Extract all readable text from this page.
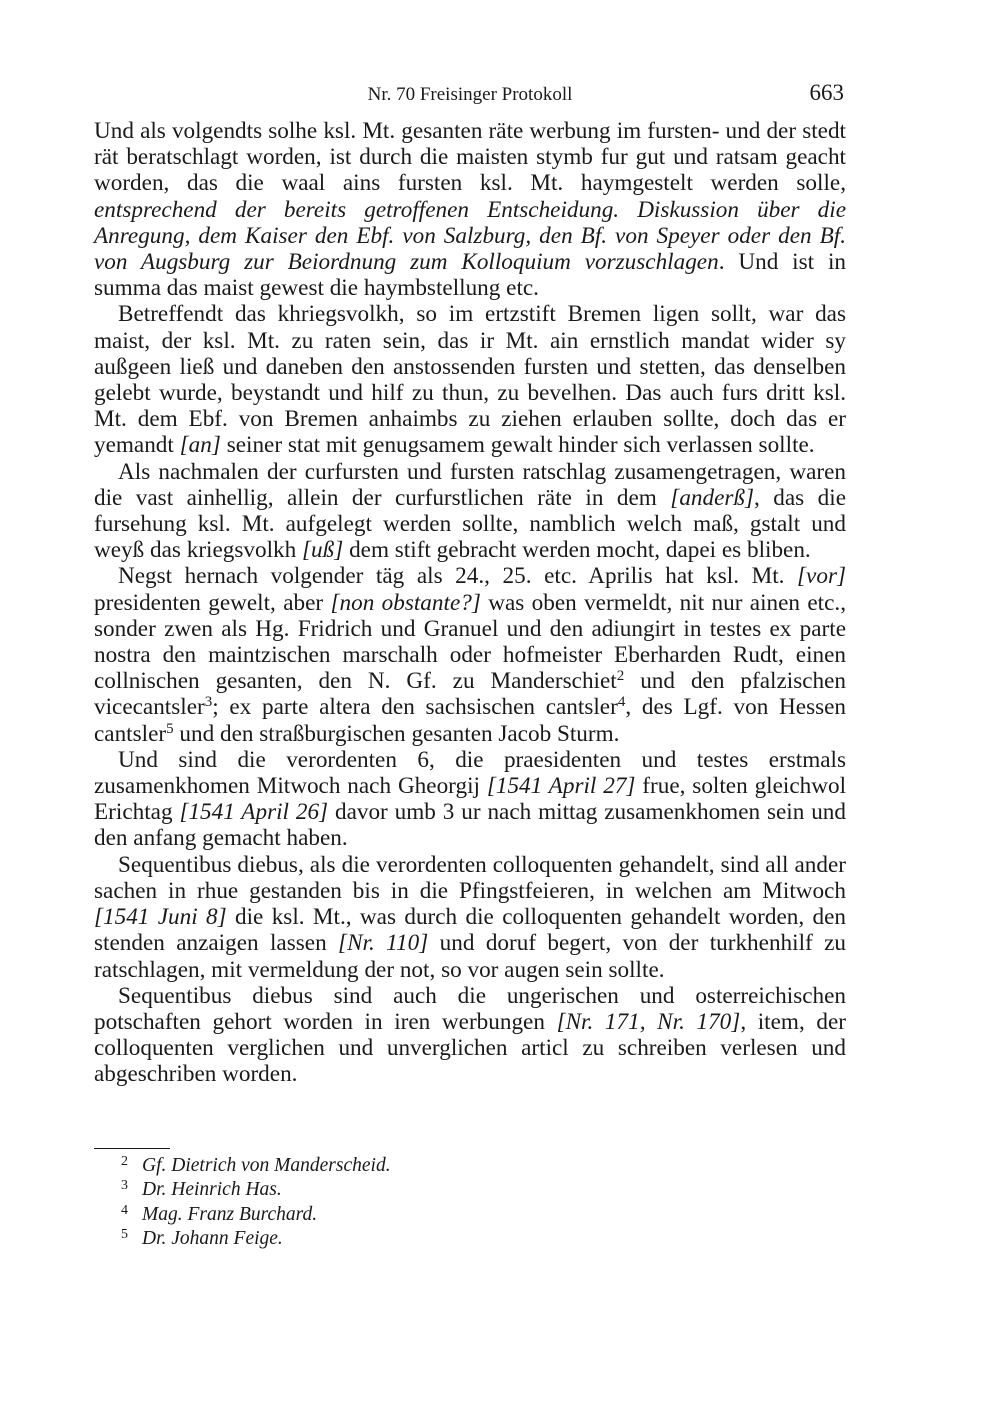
Nr. 70 Freisinger Protokoll	663

Und als volgendts solhe ksl. Mt. gesanten räte werbung im fursten- und der stedt rät beratschlagt worden, ist durch die maisten stymb fur gut und ratsam geacht worden, das die waal ains fursten ksl. Mt. haymgestelt werden solle, entsprechend der bereits getroffenen Entscheidung. Diskussion über die Anregung, dem Kaiser den Ebf. von Salzburg, den Bf. von Speyer oder den Bf. von Augsburg zur Beiordnung zum Kolloquium vorzuschlagen. Und ist in summa das maist gewest die haymbstellung etc.

Betreffendt das khriegsvolkh, so im ertzstift Bremen ligen sollt, war das maist, der ksl. Mt. zu raten sein, das ir Mt. ain ernstlich mandat wider sy außgeen ließ und daneben den anstossenden fursten und stetten, das denselben gelebt wurde, beystandt und hilf zu thun, zu bevelhen. Das auch furs dritt ksl. Mt. dem Ebf. von Bremen anhaimbs zu ziehen erlauben sollte, doch das er yemandt [an] seiner stat mit genugsamem gewalt hinder sich verlassen sollte.

Als nachmalen der curfursten und fursten ratschlag zusamengetragen, waren die vast ainhellig, allein der curfurstlichen räte in dem [anderß], das die fursehung ksl. Mt. aufgelegt werden sollte, namblich welch maß, gstalt und weyß das kriegsvolkh [uß] dem stift gebracht werden mocht, dapei es bliben.

Negst hernach volgender täg als 24., 25. etc. Aprilis hat ksl. Mt. [vor] presidenten gewelt, aber [non obstante?] was oben vermeldt, nit nur ainen etc., sonder zwen als Hg. Fridrich und Granuel und den adiungirt in testes ex parte nostra den maintzischen marschalh oder hofmeister Eberharden Rudt, einen collnischen gesanten, den N. Gf. zu Manderschiet$^2$ und den pfalzischen vicecantsler$^3$; ex parte altera den sachsischen cantsler$^4$, des Lgf. von Hessen cantsler$^5$ und den straßburgischen gesanten Jacob Sturm.

Und sind die verordenten 6, die praesidenten und testes erstmals zusamenkhomen Mitwoch nach Gheorgij [1541 April 27] frue, solten gleichwol Erichtag [1541 April 26] davor umb 3 ur nach mittag zusamenkhomen sein und den anfang gemacht haben.

Sequentibus diebus, als die verordenten colloquenten gehandelt, sind all ander sachen in rhue gestanden bis in die Pfingstfeieren, in welchen am Mitwoch [1541 Juni 8] die ksl. Mt., was durch die colloquenten gehandelt worden, den stenden anzaigen lassen [Nr. 110] und doruf begert, von der turkhenhilf zu ratschlagen, mit vermeldung der not, so vor augen sein sollte.

Sequentibus diebus sind auch die ungerischen und osterreichischen potschaften gehort worden in iren werbungen [Nr. 171, Nr. 170], item, der colloquenten verglichen und unverglichen articl zu schreiben verlesen und abgeschriben worden.

2 Gf. Dietrich von Manderscheid.
3 Dr. Heinrich Has.
4 Mag. Franz Burchard.
5 Dr. Johann Feige.
